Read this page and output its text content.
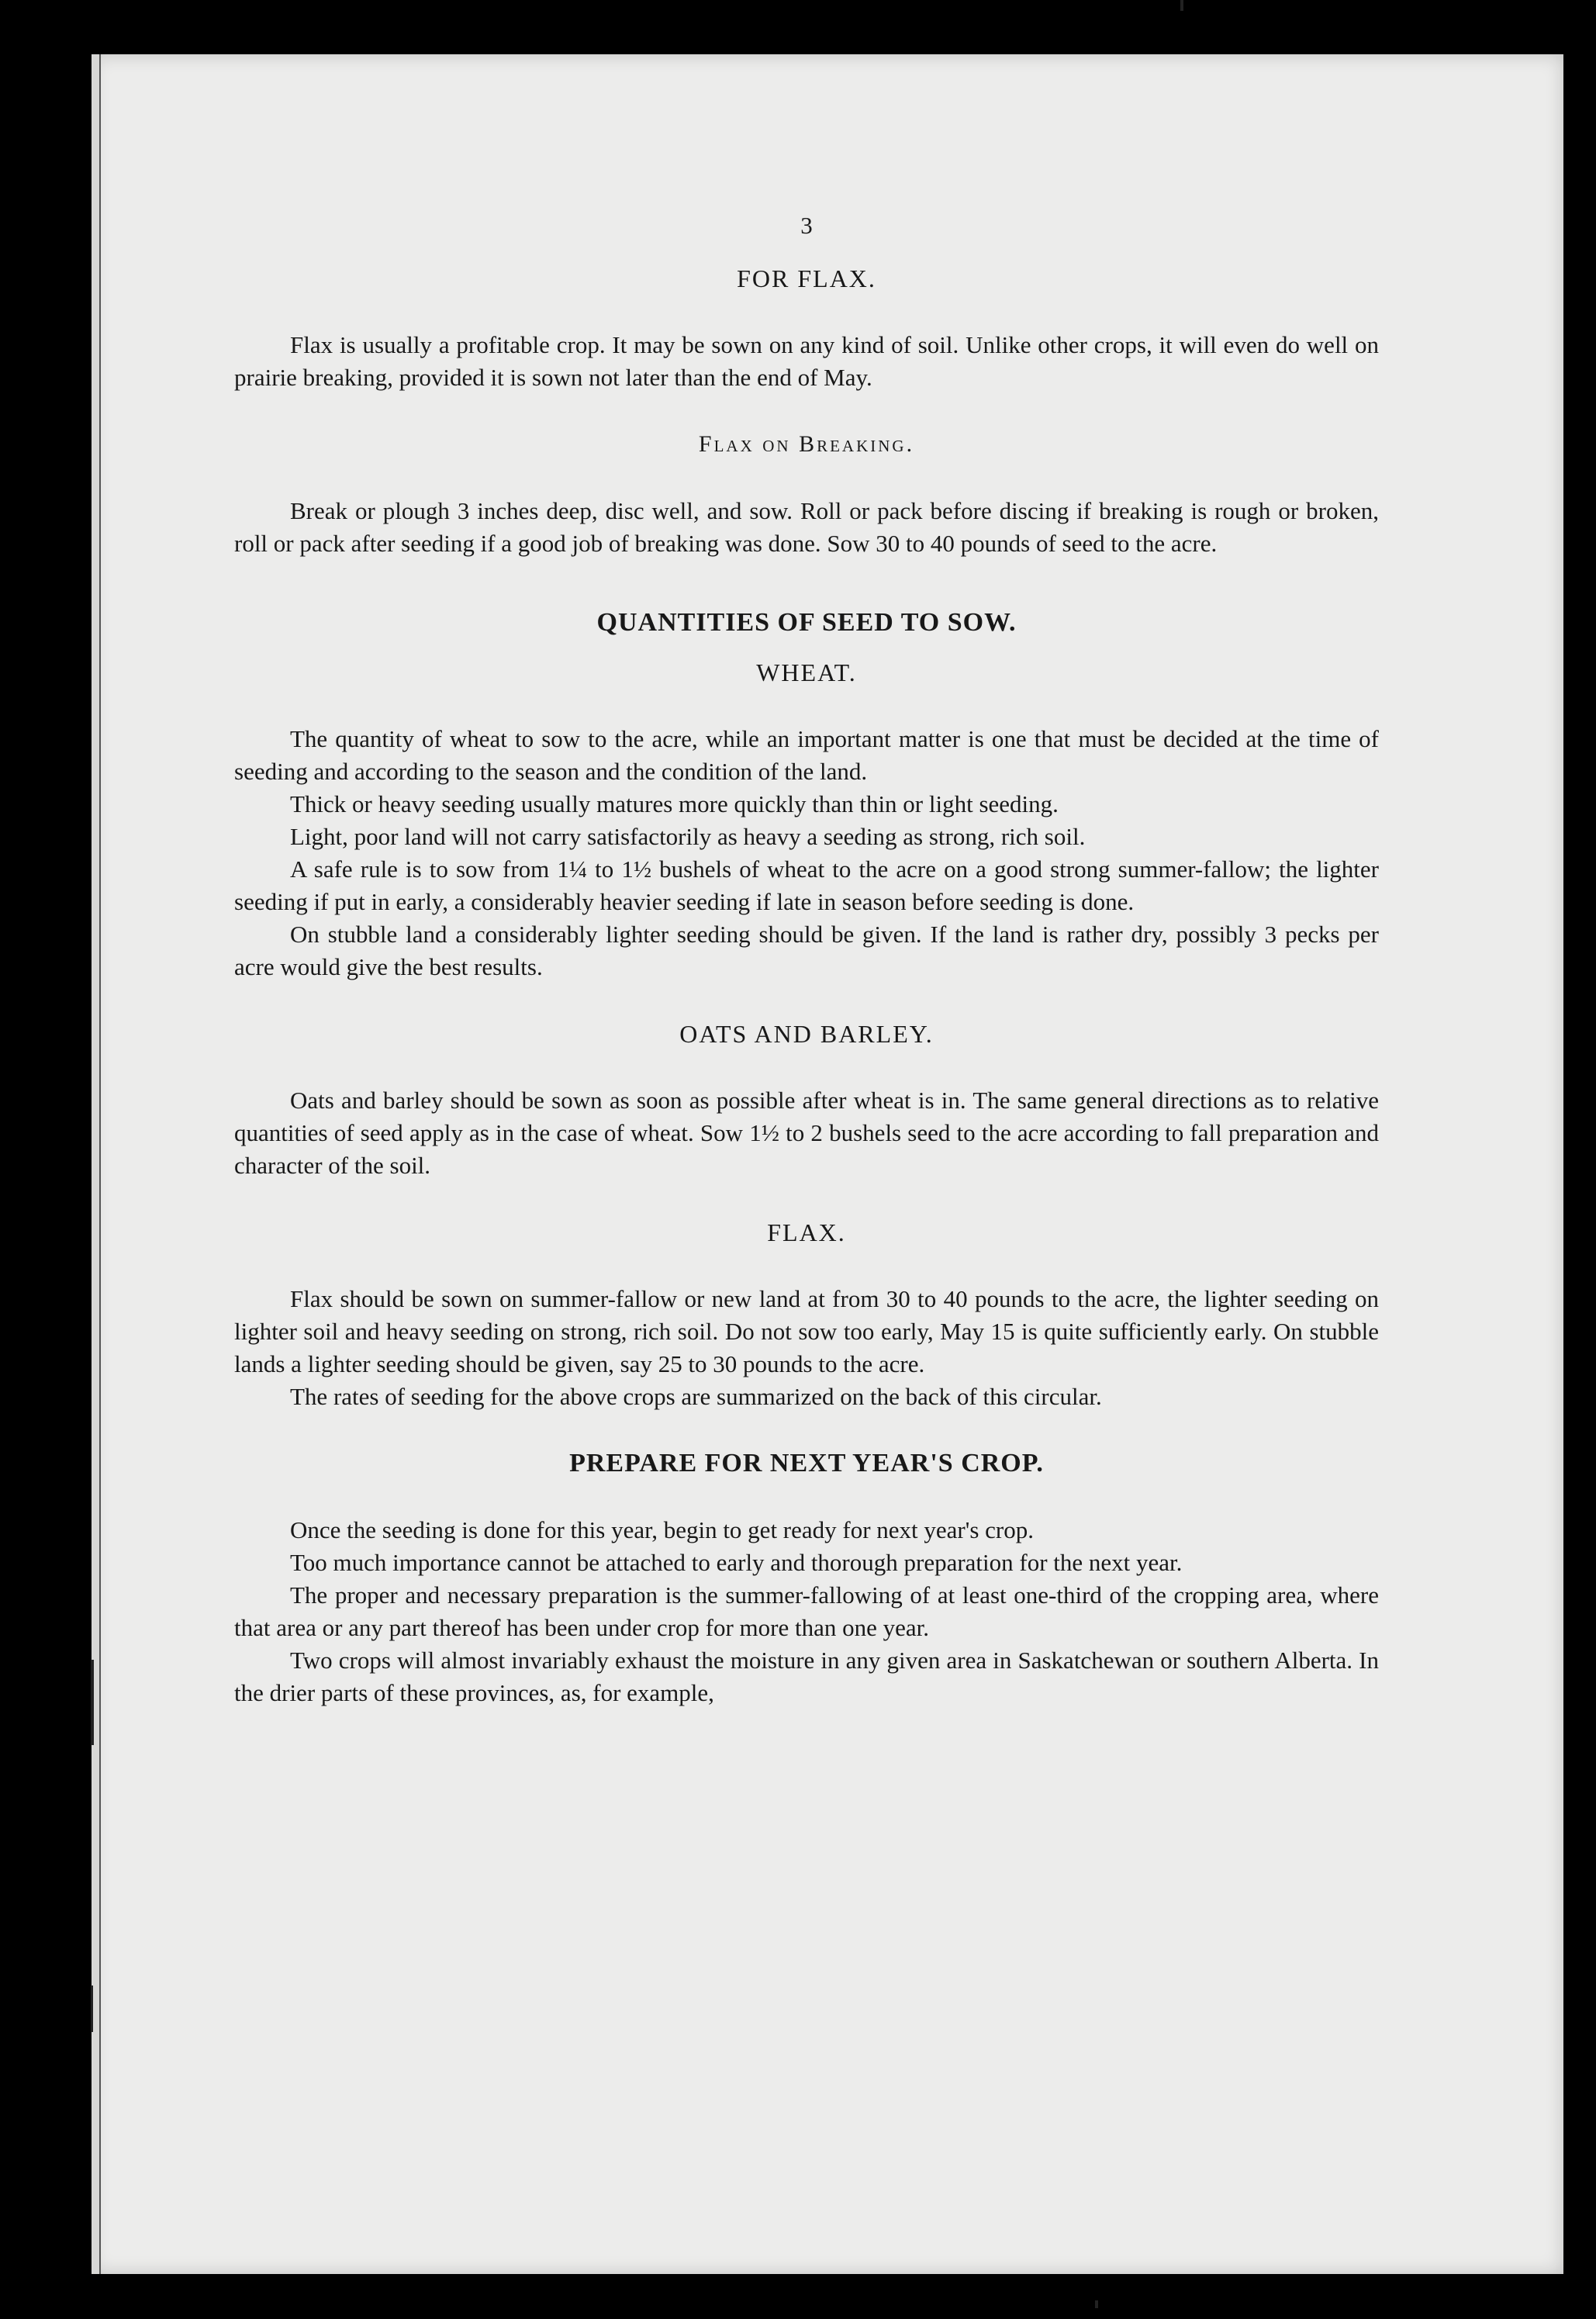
3
FOR FLAX.

Flax is usually a profitable crop. It may be sown on any kind of soil. Unlike other crops, it will even do well on prairie breaking, provided it is sown not later than the end of May.

Flax on Breaking.

Break or plough 3 inches deep, disc well, and sow. Roll or pack before discing if breaking is rough or broken, roll or pack after seeding if a good job of breaking was done. Sow 30 to 40 pounds of seed to the acre.

QUANTITIES OF SEED TO SOW.
WHEAT.

The quantity of wheat to sow to the acre, while an important matter is one that must be decided at the time of seeding and according to the season and the condition of the land.

Thick or heavy seeding usually matures more quickly than thin or light seeding.

Light, poor land will not carry satisfactorily as heavy a seeding as strong, rich soil.

A safe rule is to sow from 1¼ to 1½ bushels of wheat to the acre on a good strong summer-fallow; the lighter seeding if put in early, a considerably heavier seeding if late in season before seeding is done.

On stubble land a considerably lighter seeding should be given. If the land is rather dry, possibly 3 pecks per acre would give the best results.

OATS AND BARLEY.

Oats and barley should be sown as soon as possible after wheat is in. The same general directions as to relative quantities of seed apply as in the case of wheat. Sow 1½ to 2 bushels seed to the acre according to fall preparation and character of the soil.

FLAX.

Flax should be sown on summer-fallow or new land at from 30 to 40 pounds to the acre, the lighter seeding on lighter soil and heavy seeding on strong, rich soil. Do not sow too early, May 15 is quite sufficiently early. On stubble lands a lighter seeding should be given, say 25 to 30 pounds to the acre.

The rates of seeding for the above crops are summarized on the back of this circular.

PREPARE FOR NEXT YEAR'S CROP.

Once the seeding is done for this year, begin to get ready for next year's crop.

Too much importance cannot be attached to early and thorough preparation for the next year.

The proper and necessary preparation is the summer-fallowing of at least one-third of the cropping area, where that area or any part thereof has been under crop for more than one year.

Two crops will almost invariably exhaust the moisture in any given area in Saskatchewan or southern Alberta. In the drier parts of these provinces, as, for example,
